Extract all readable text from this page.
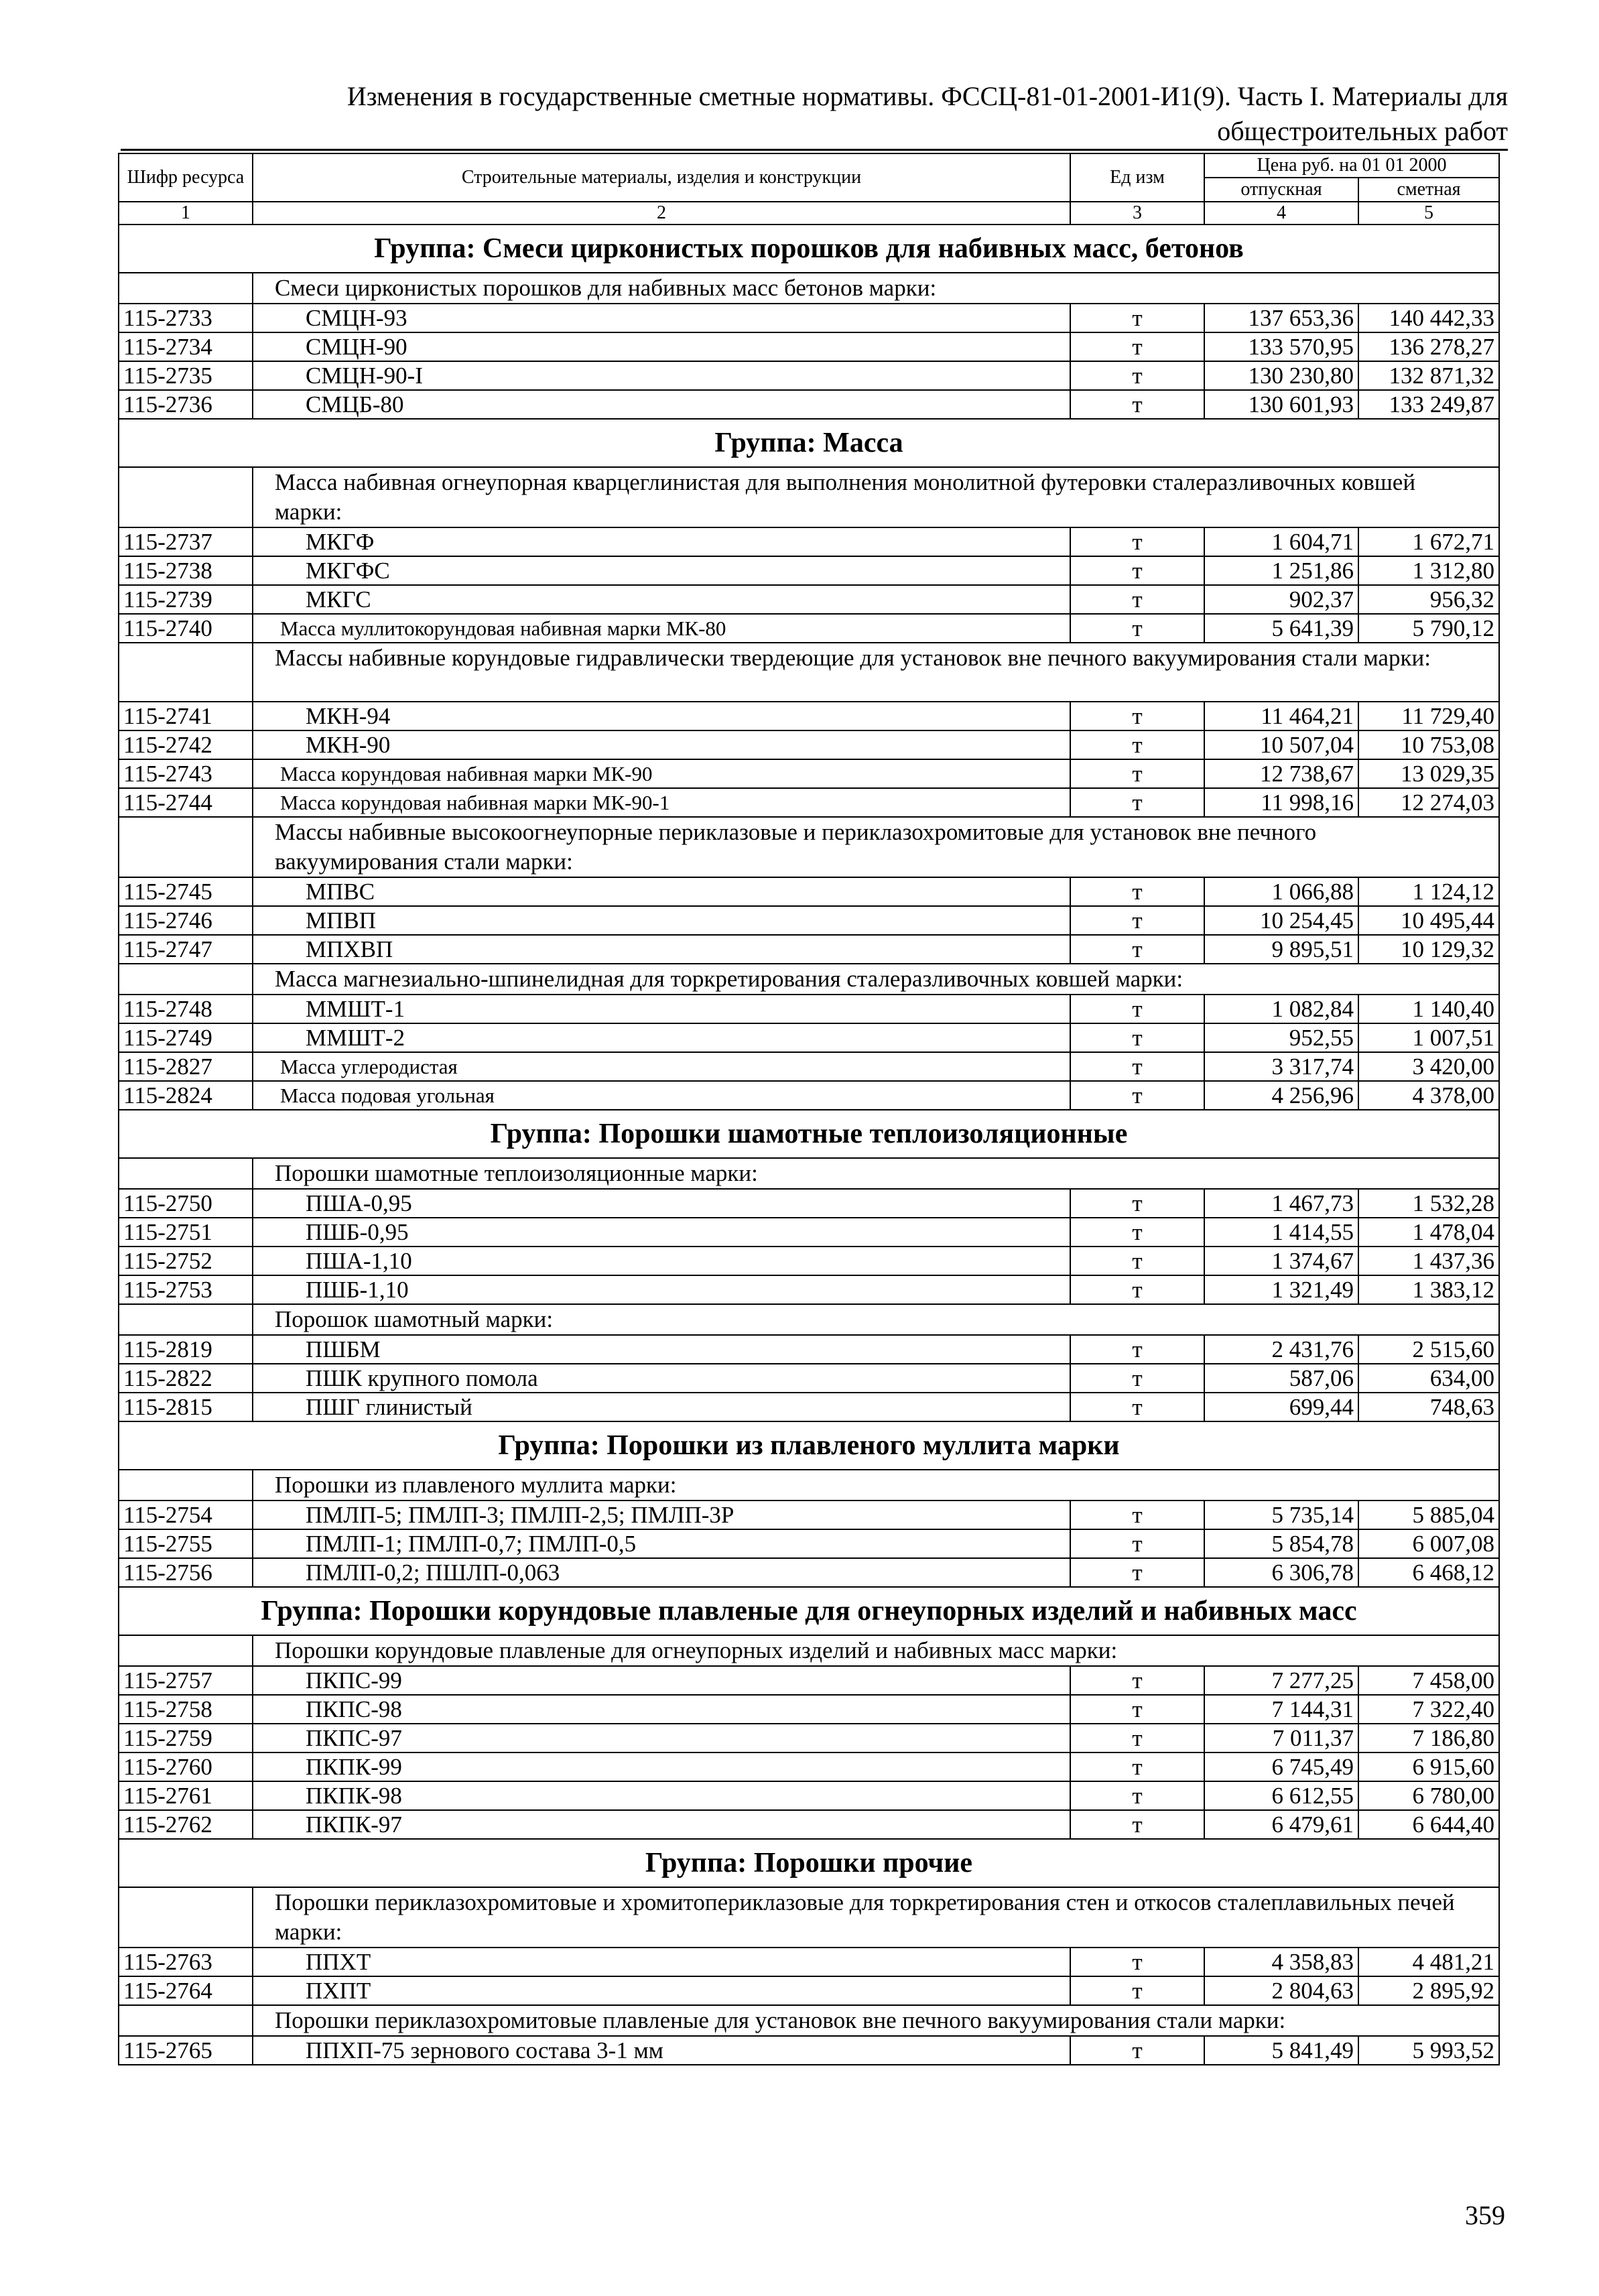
Изменения в государственные сметные нормативы. ФССЦ-81-01-2001-И1(9). Часть I. Материалы для
общестроительных работ
Шифр ресурса	Строительные материалы, изделия и конструкции	Ед изм	Цена руб. на 01 01 2000	
			отпускная	сметная
1	2	3	4	5
Группа: Смеси цирконистых порошков для набивных масс, бетонов				
	Смеси цирконистых порошков для набивных масс бетонов марки:			
115-2733	СМЦН-93	т	137 653,36	140 442,33
115-2734	СМЦН-90	т	133 570,95	136 278,27
115-2735	СМЦН-90-I	т	130 230,80	132 871,32
115-2736	СМЦБ-80	т	130 601,93	133 249,87
Группа: Масса				
	Масса набивная огнеупорная кварцеглинистая для выполнения монолитной футеровки сталеразливочных ковшей марки:			
115-2737	МКГФ	т	1 604,71	1 672,71
115-2738	МКГФС	т	1 251,86	1 312,80
115-2739	МКГС	т	902,37	956,32
115-2740	Масса муллитокорундовая набивная марки МК-80	т	5 641,39	5 790,12
	Массы набивные корундовые гидравлически твердеющие для установок вне печного вакуумирования стали марки:			
115-2741	МКН-94	т	11 464,21	11 729,40
115-2742	МКН-90	т	10 507,04	10 753,08
115-2743	Масса корундовая набивная марки МК-90	т	12 738,67	13 029,35
115-2744	Масса корундовая набивная марки МК-90-1	т	11 998,16	12 274,03
	Массы набивные высокоогнеупорные периклазовые и периклазохромитовые для установок вне печного вакуумирования стали марки:			
115-2745	МПВС	т	1 066,88	1 124,12
115-2746	МПВП	т	10 254,45	10 495,44
115-2747	МПХВП	т	9 895,51	10 129,32
	Масса магнезиально-шпинелидная для торкретирования сталеразливочных ковшей марки:			
115-2748	ММШТ-1	т	1 082,84	1 140,40
115-2749	ММШТ-2	т	952,55	1 007,51
115-2827	Масса углеродистая	т	3 317,74	3 420,00
115-2824	Масса подовая угольная	т	4 256,96	4 378,00
Группа: Порошки шамотные теплоизоляционные				
	Порошки шамотные теплоизоляционные марки:			
115-2750	ПША-0,95	т	1 467,73	1 532,28
115-2751	ПШБ-0,95	т	1 414,55	1 478,04
115-2752	ПША-1,10	т	1 374,67	1 437,36
115-2753	ПШБ-1,10	т	1 321,49	1 383,12
	Порошок шамотный марки:			
115-2819	ПШБМ	т	2 431,76	2 515,60
115-2822	ПШК крупного помола	т	587,06	634,00
115-2815	ПШГ глинистый	т	699,44	748,63
Группа: Порошки из плавленого муллита марки				
	Порошки из плавленого муллита марки:			
115-2754	ПМЛП-5; ПМЛП-3; ПМЛП-2,5; ПМЛП-3Р	т	5 735,14	5 885,04
115-2755	ПМЛП-1; ПМЛП-0,7; ПМЛП-0,5	т	5 854,78	6 007,08
115-2756	ПМЛП-0,2; ПШЛП-0,063	т	6 306,78	6 468,12
Группа: Порошки корундовые плавленые для огнеупорных изделий и набивных масс				
	Порошки корундовые плавленые для огнеупорных изделий и набивных масс марки:			
115-2757	ПКПС-99	т	7 277,25	7 458,00
115-2758	ПКПС-98	т	7 144,31	7 322,40
115-2759	ПКПС-97	т	7 011,37	7 186,80
115-2760	ПКПК-99	т	6 745,49	6 915,60
115-2761	ПКПК-98	т	6 612,55	6 780,00
115-2762	ПКПК-97	т	6 479,61	6 644,40
Группа: Порошки прочие				
	Порошки периклазохромитовые и хромитопериклазовые для торкретирования стен и откосов сталеплавильных печей марки:			
115-2763	ППХТ	т	4 358,83	4 481,21
115-2764	ПХПТ	т	2 804,63	2 895,92
	Порошки периклазохромитовые плавленые для установок вне печного вакуумирования стали марки:			
115-2765	ППХП-75 зернового состава 3-1 мм	т	5 841,49	5 993,52
359
